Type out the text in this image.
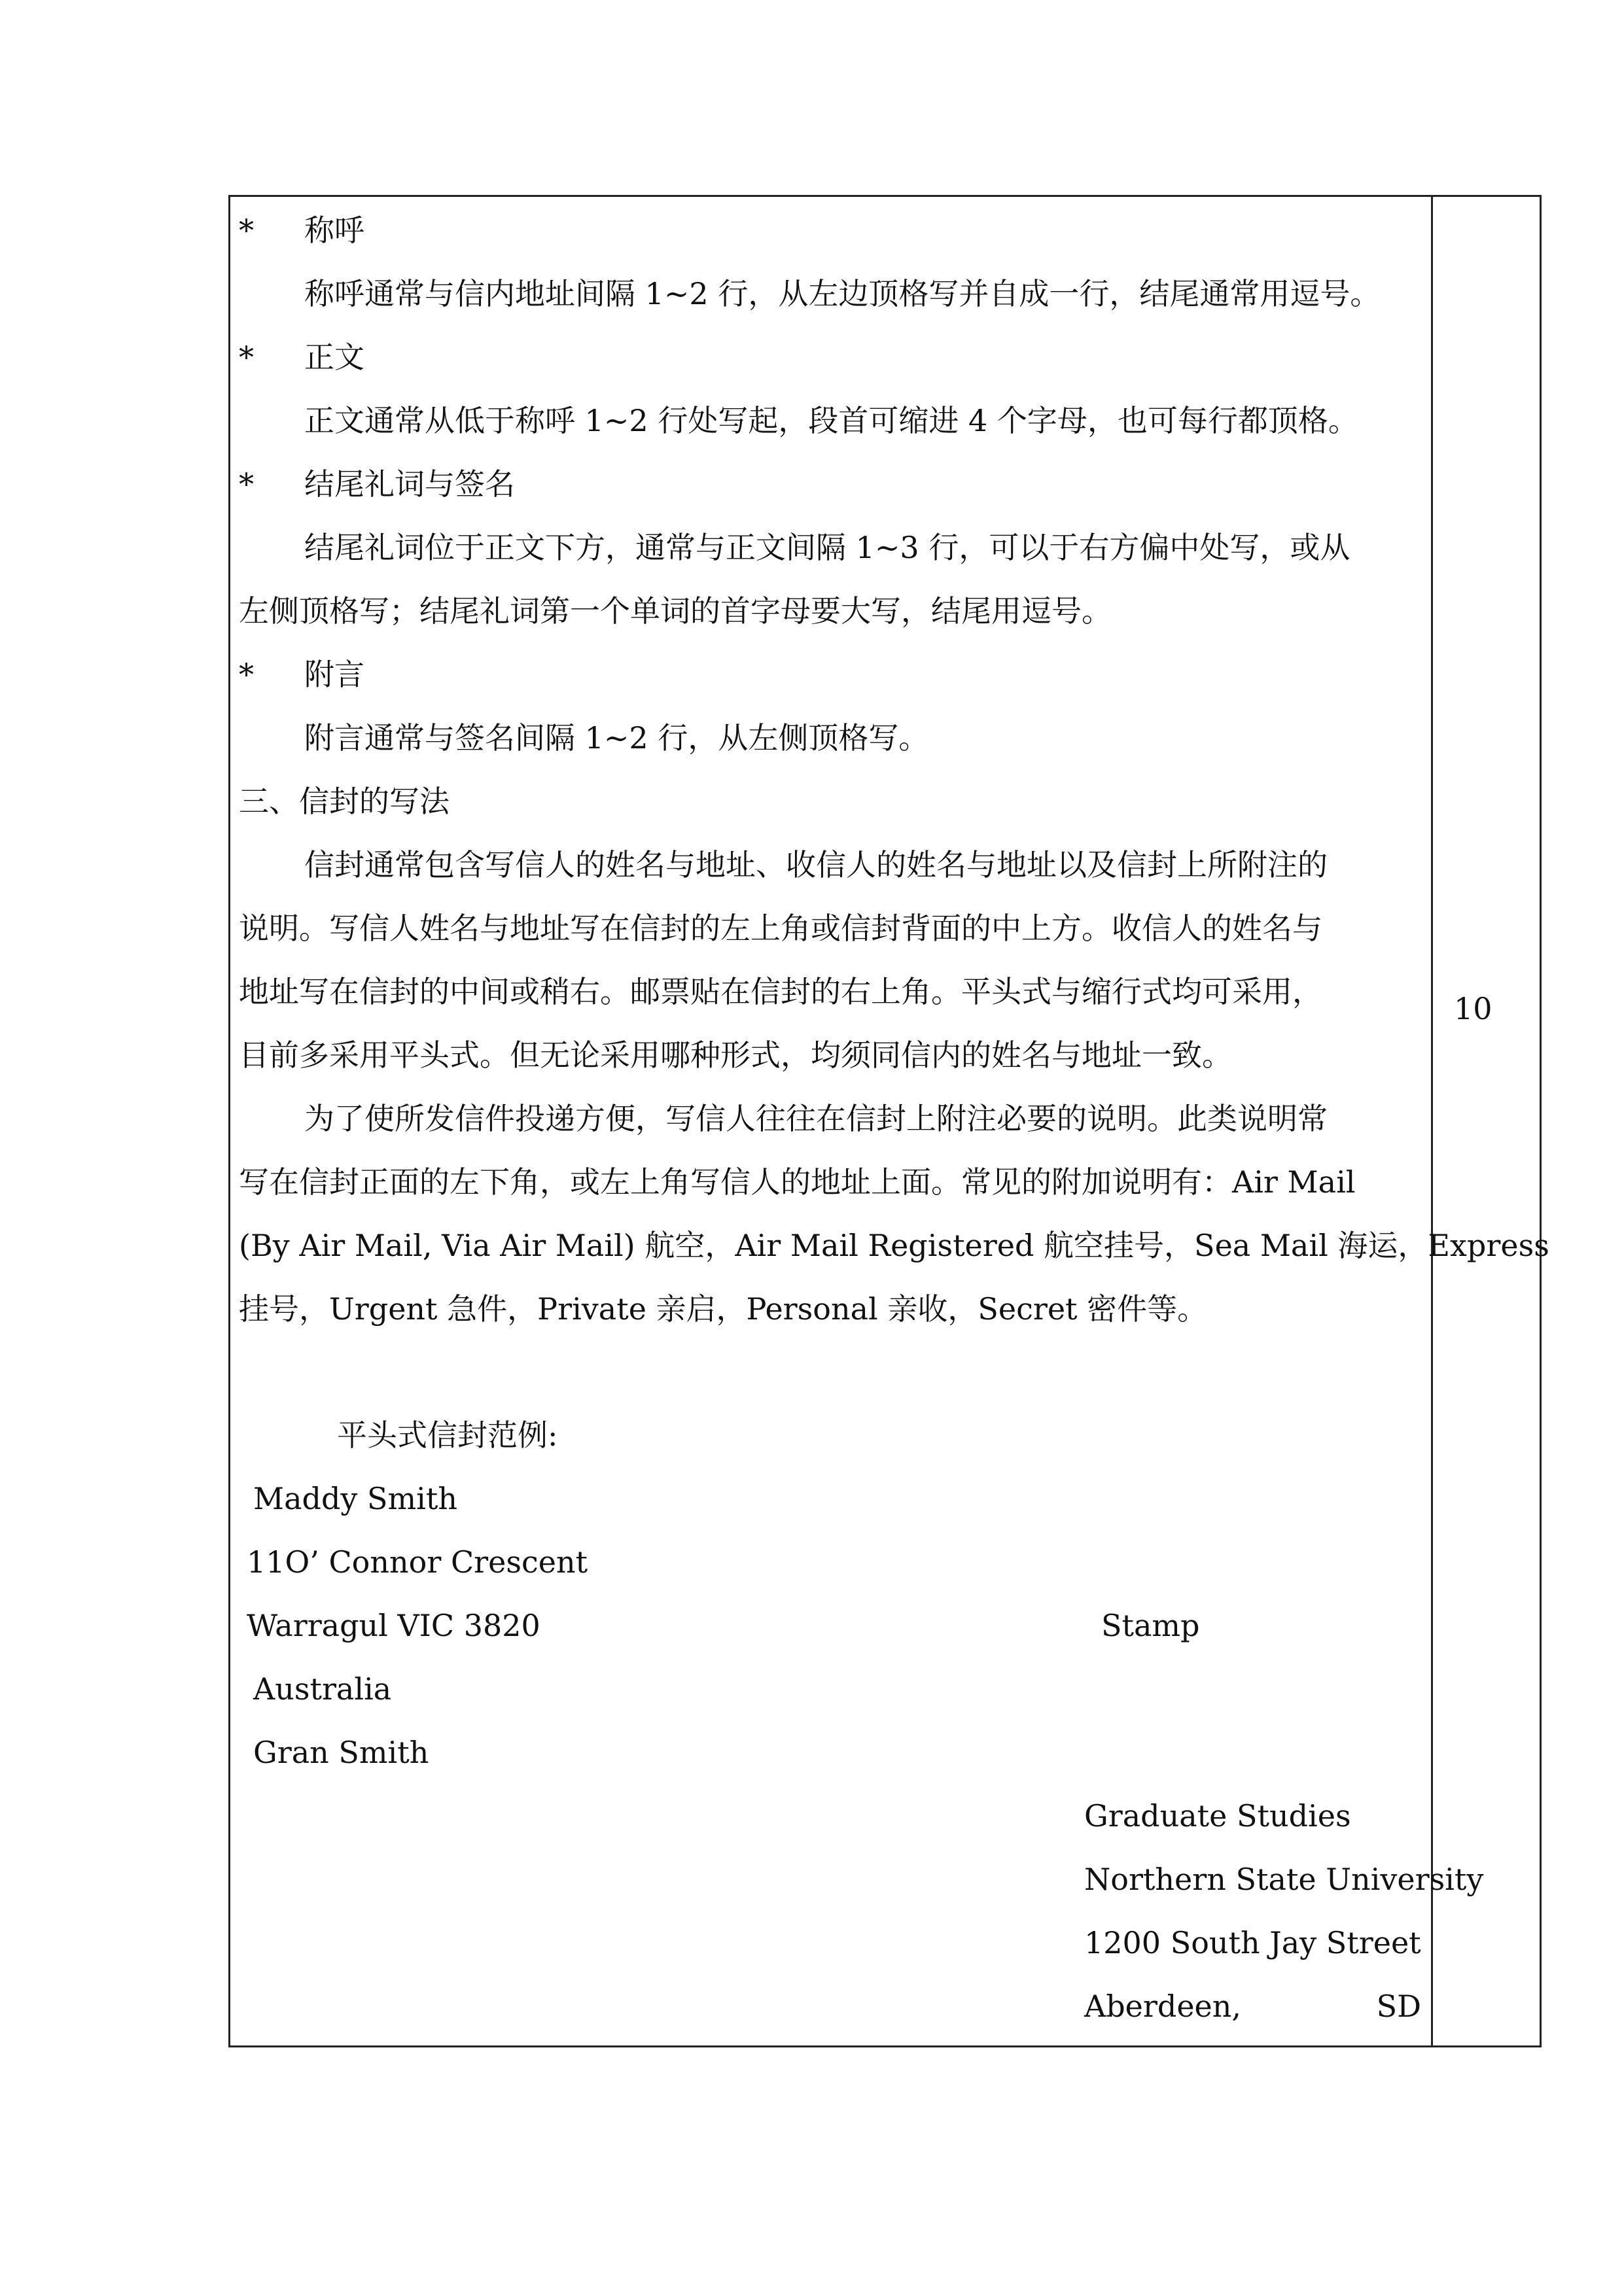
* 称呼
称呼通常与信内地址间隔 1~2 行，从左边顶格写并自成一行，结尾通常用逗号。
* 正文
正文通常从低于称呼 1~2 行处写起，段首可缩进 4 个字母，也可每行都顶格。
* 结尾礼词与签名
结尾礼词位于正文下方，通常与正文间隔 1~3 行，可以于右方偏中处写，或从
左侧顶格写；结尾礼词第一个单词的首字母要大写，结尾用逗号。
* 附言
附言通常与签名间隔 1~2 行，从左侧顶格写。
三、信封的写法
信封通常包含写信人的姓名与地址、收信人的姓名与地址以及信封上所附注的
说明。写信人姓名与地址写在信封的左上角或信封背面的中上方。收信人的姓名与
地址写在信封的中间或稍右。邮票贴在信封的右上角。平头式与缩行式均可采用，
目前多采用平头式。但无论采用哪种形式，均须同信内的姓名与地址一致。
为了使所发信件投递方便，写信人往往在信封上附注必要的说明。此类说明常
写在信封正面的左下角，或左上角写信人的地址上面。常见的附加说明有：Air Mail
(By Air Mail, Via Air Mail) 航空，Air Mail Registered 航空挂号，Sea Mail 海运，Express
挂号，Urgent 急件，Private 亲启，Personal 亲收，Secret 密件等。
平头式信封范例:
Maddy Smith
11O’ Connor Crescent
Warragul VIC 3820
Australia
Gran Smith
Stamp
Graduate Studies
Northern State University
1200 South Jay Street
Aberdeen,	SD
10
